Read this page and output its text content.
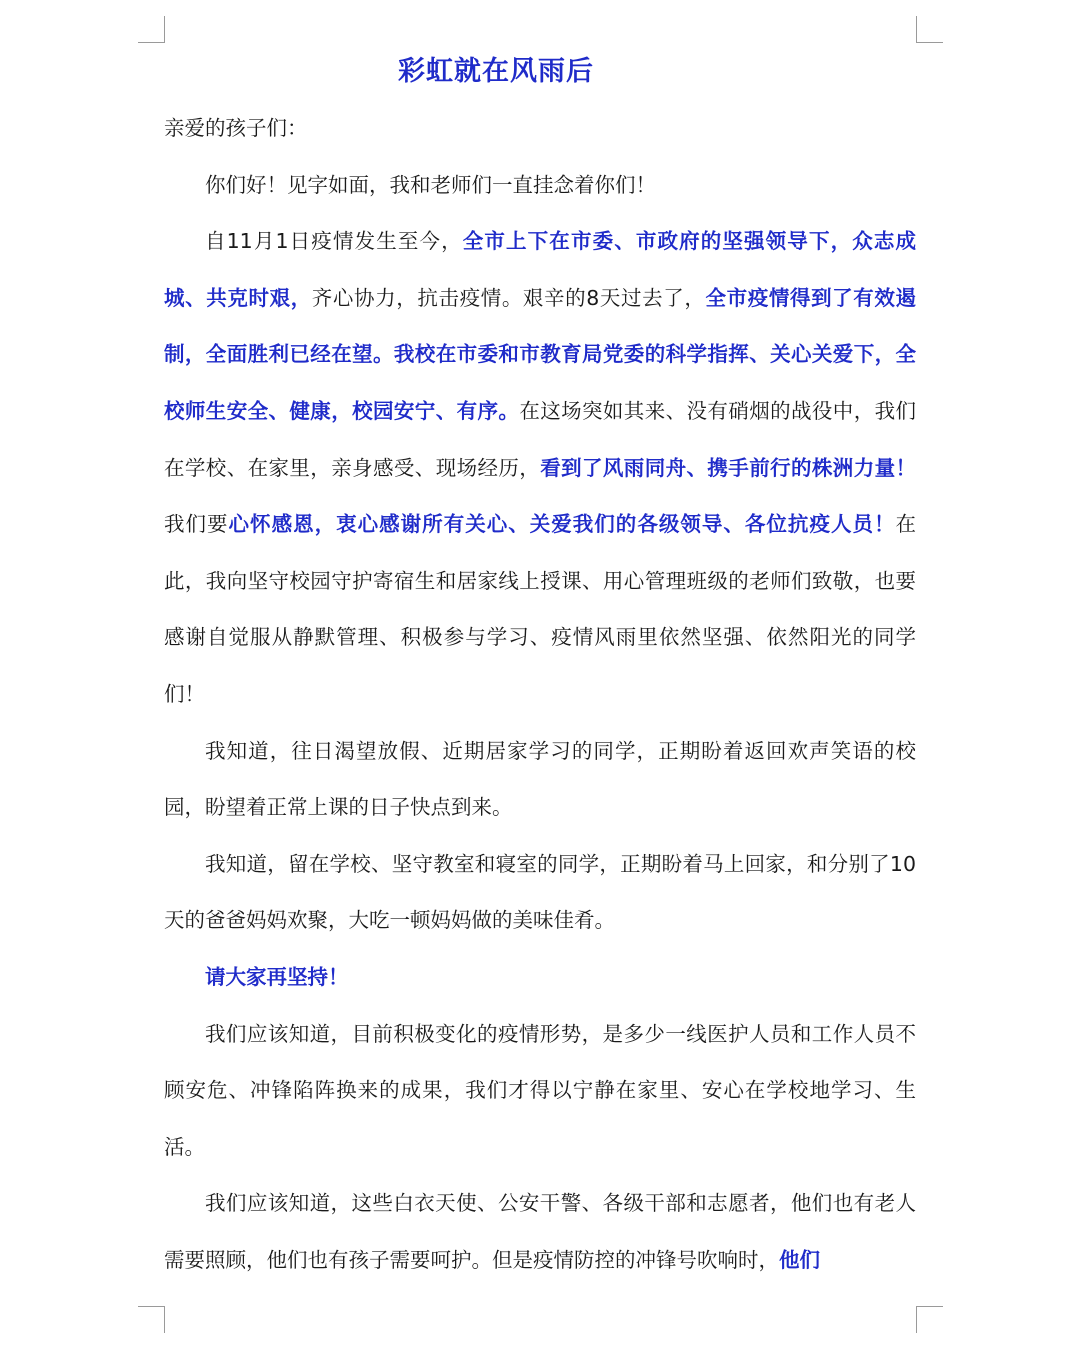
彩虹就在风雨后

亲爱的孩子们：

你们好！见字如面，我和老师们一直挂念着你们！

自11月1日疫情发生至今，全市上下在市委、市政府的坚强领导下，众志成城、共克时艰，齐心协力，抗击疫情。艰辛的8天过去了，全市疫情得到了有效遏制，全面胜利已经在望。我校在市委和市教育局党委的科学指挥、关心关爱下，全校师生安全、健康，校园安宁、有序。在这场突如其来、没有硝烟的战役中，我们在学校、在家里，亲身感受、现场经历，看到了风雨同舟、携手前行的株洲力量！我们要心怀感恩，衷心感谢所有关心、关爱我们的各级领导、各位抗疫人员！在此，我向坚守校园守护寄宿生和居家线上授课、用心管理班级的老师们致敬，也要感谢自觉服从静默管理、积极参与学习、疫情风雨里依然坚强、依然阳光的同学们！

我知道，往日渴望放假、近期居家学习的同学，正期盼着返回欢声笑语的校园，盼望着正常上课的日子快点到来。

我知道，留在学校、坚守教室和寝室的同学，正期盼着马上回家，和分别了10天的爸爸妈妈欢聚，大吃一顿妈妈做的美味佳肴。

请大家再坚持！

我们应该知道，目前积极变化的疫情形势，是多少一线医护人员和工作人员不顾安危、冲锋陷阵换来的成果，我们才得以宁静在家里、安心在学校地学习、生活。

我们应该知道，这些白衣天使、公安干警、各级干部和志愿者，他们也有老人需要照顾，他们也有孩子需要呵护。但是疫情防控的冲锋号吹响时，他们
